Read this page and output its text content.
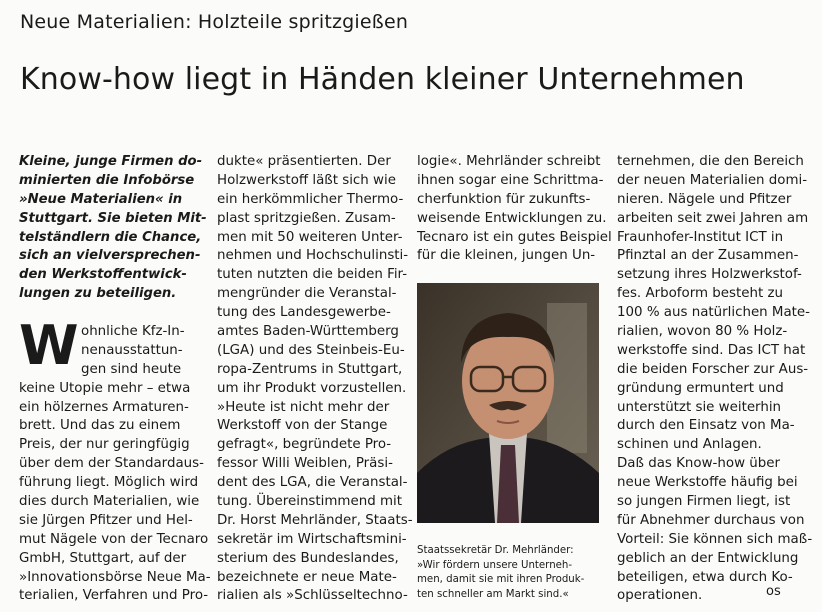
Neue Materialien: Holzteile spritzgießen
Know-how liegt in Händen kleiner Unternehmen
Kleine, junge Firmen do-
minierten die Infobörse
»Neue Materialien« in
Stuttgart. Sie bieten Mit-
telständlern die Chance,
sich an vielversprechen-
den Werkstoffentwick-
lungen zu beteiligen.
W ohnliche Kfz-In-
nenausstattun-
gen sind heute
keine Utopie mehr – etwa
ein hölzernes Armaturen-
brett. Und das zu einem
Preis, der nur geringfügig
über dem der Standardaus-
führung liegt. Möglich wird
dies durch Materialien, wie
sie Jürgen Pfitzer und Hel-
mut Nägele von der Tecnaro
GmbH, Stuttgart, auf der
»Innovationsbörse Neue Ma-
terialien, Verfahren und Pro-
dukte« präsentierten. Der
Holzwerkstoff läßt sich wie
ein herkömmlicher Thermo-
plast spritzgießen. Zusam-
men mit 50 weiteren Unter-
nehmen und Hochschulinsti-
tuten nutzten die beiden Fir-
mengründer die Veranstal-
tung des Landesgewerbe-
amtes Baden-Württemberg
(LGA) und des Steinbeis-Eu-
ropa-Zentrums in Stuttgart,
um ihr Produkt vorzustellen.
»Heute ist nicht mehr der
Werkstoff von der Stange
gefragt«, begründete Pro-
fessor Willi Weiblen, Präsi-
dent des LGA, die Veranstal-
tung. Übereinstimmend mit
Dr. Horst Mehrländer, Staats-
sekretär im Wirtschaftsmini-
sterium des Bundeslandes,
bezeichnete er neue Mate-
rialien als »Schlüsseltechno-
logie«. Mehrländer schreibt
ihnen sogar eine Schrittma-
cherfunktion für zukunfts-
weisende Entwicklungen zu.
Tecnaro ist ein gutes Beispiel
für die kleinen, jungen Un-
Staatssekretär Dr. Mehrländer:
»Wir fördern unsere Unterneh-
men, damit sie mit ihren Produk-
ten schneller am Markt sind.«
ternehmen, die den Bereich
der neuen Materialien domi-
nieren. Nägele und Pfitzer
arbeiten seit zwei Jahren am
Fraunhofer-Institut ICT in
Pfinztal an der Zusammen-
setzung ihres Holzwerkstof-
fes. Arboform besteht zu
100 % aus natürlichen Mate-
rialien, wovon 80 % Holz-
werkstoffe sind. Das ICT hat
die beiden Forscher zur Aus-
gründung ermuntert und
unterstützt sie weiterhin
durch den Einsatz von Ma-
schinen und Anlagen.
Daß das Know-how über
neue Werkstoffe häufig bei
so jungen Firmen liegt, ist
für Abnehmer durchaus von
Vorteil: Sie können sich maß-
geblich an der Entwicklung
beteiligen, etwa durch Ko-
operationen.	os
